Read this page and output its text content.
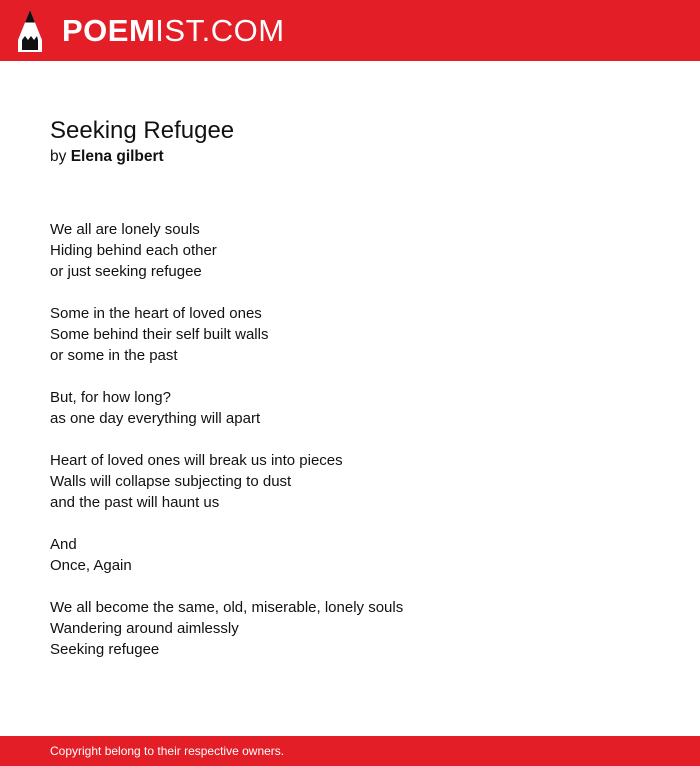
POEMIST.COM
Seeking Refugee
by Elena gilbert
We all are lonely souls
Hiding behind each other
or just seeking refugee
Some in the heart of loved ones
Some behind their self built walls
or some in the past
But, for how long?
as one day everything will apart
Heart of loved ones will break us into pieces
Walls will collapse subjecting to dust
and the past will haunt us
And
Once, Again
We all become the same, old, miserable, lonely souls
Wandering around aimlessly
Seeking refugee
Copyright belong to their respective owners.
